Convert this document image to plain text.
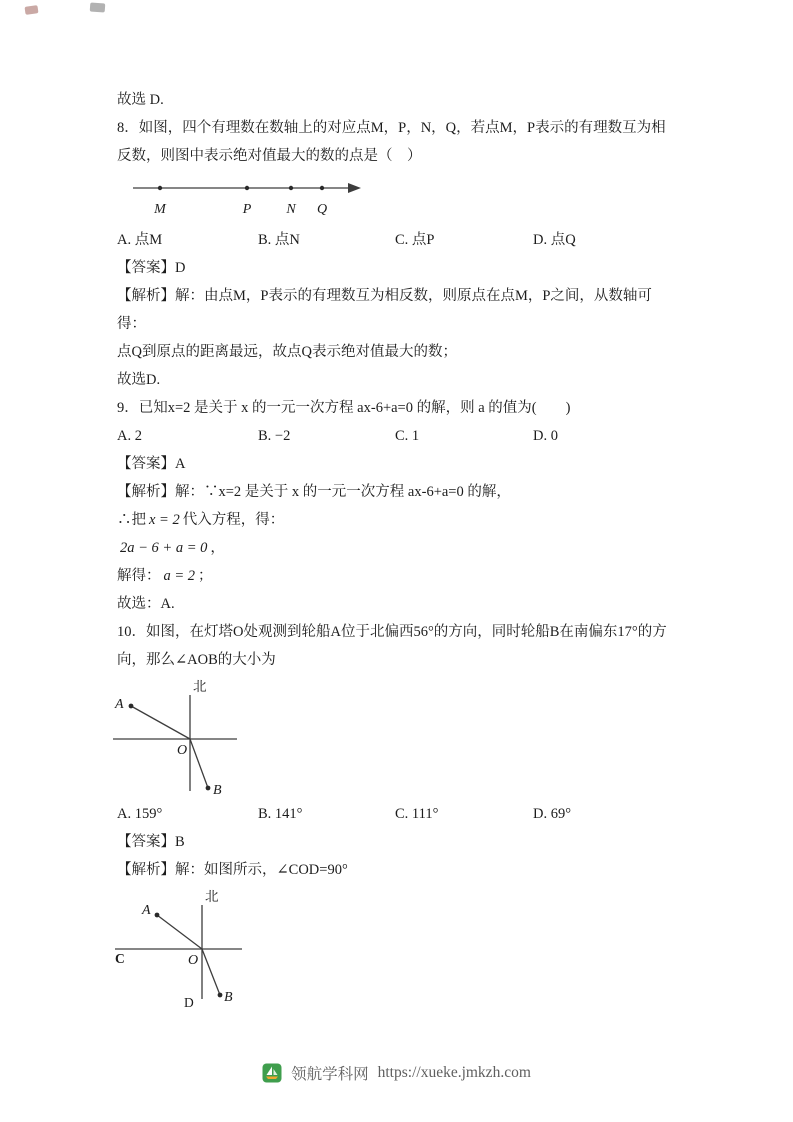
故选 D.

8．如图，四个有理数在数轴上的对应点M，P，N，Q，若点M，P表示的有理数互为相反数，则图中表示绝对值最大的数的点是（　）

M	P	N Q
A. 点M	B. 点N	C. 点P	D. 点Q

【答案】D

【解析】解：由点M，P表示的有理数互为相反数，则原点在点M，P之间，从数轴可得：

点Q到原点的距离最远，故点Q表示绝对值最大的数；

故选D.

9．已知x=2 是关于 x 的一元一次方程 ax-6+a=0 的解，则 a 的值为(　　)

A. 2	B. −2	C. 1	D. 0

【答案】A

【解析】解：∵x=2 是关于 x 的一元一次方程 ax-6+a=0 的解，

∴把 x = 2 代入方程，得：

2a − 6 + a = 0 ，

解得： a = 2 ；

故选：A.

10．如图，在灯塔O处观测到轮船A位于北偏西56°的方向，同时轮船B在南偏东17°的方向，那么∠AOB的大小为

北
A
O
B
A. 159°	B. 141°	C. 111°	D. 69°

【答案】B

【解析】解：如图所示，∠COD=90°

北
A
C	O
D B
领航学科网 https://xueke.jmkzh.com
